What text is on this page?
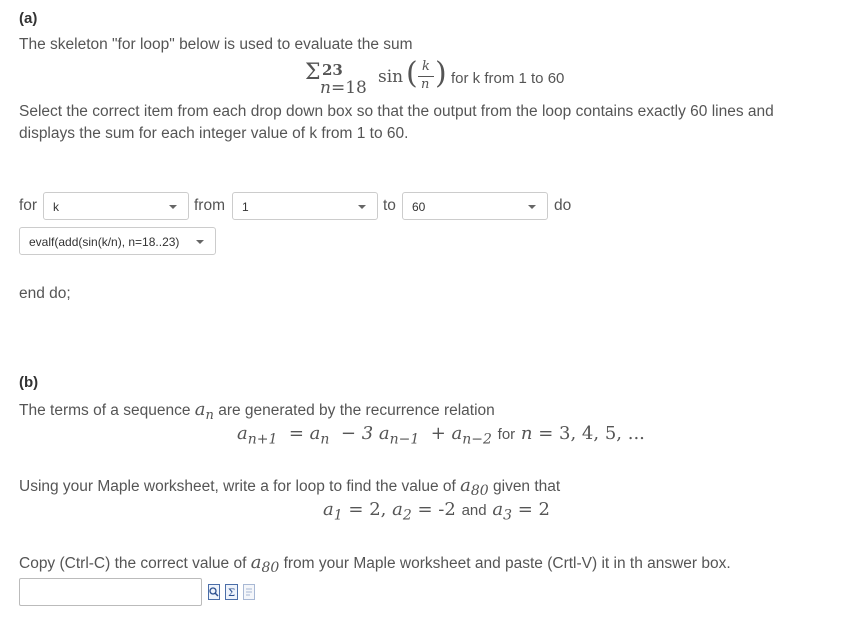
(a)
The skeleton "for loop" below is used to evaluate the sum
Σ 23
n =18
sin ( k
n ) for k from 1 to 60
Select the correct item from each drop down box so that the output from the loop contains exactly 60 lines and
displays the sum for each integer value of k from 1 to 60.
for k	from 1	to 60	do
evalf(add(sin(k/n), n=18..23)
end do;
(b)
The terms of a sequence $a_n$ are generated by the recurrence relation
$a_{n+1} = a_n - 3$ $a_{n-1} + a_{n-2}$ for n = 3, 4, 5, ...
Using your Maple worksheet, write a for loop to find the value of $a_{80}$ given that
$a_1 = 2$, $a_2 = -2$ and $a_3 = 2$
Copy (Ctrl-C) the correct value of $a_{80}$ from your Maple worksheet and paste (Crtl-V) it in th answer box.
Σ
